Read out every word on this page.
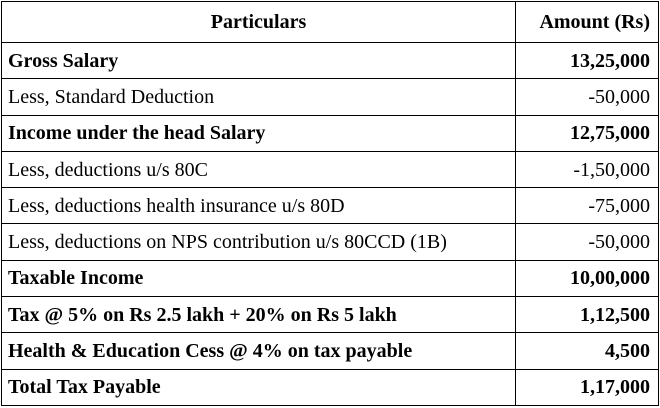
Particulars	Amount (Rs)
Gross Salary	13,25,000
Less, Standard Deduction	-50,000
Income under the head Salary	12,75,000
Less, deductions u/s 80C	-1,50,000
Less, deductions health insurance u/s 80D	-75,000
Less, deductions on NPS contribution u/s 80CCD (1B)	-50,000
Taxable Income	10,00,000
Tax @ 5% on Rs 2.5 lakh + 20% on Rs 5 lakh	1,12,500
Health & Education Cess @ 4% on tax payable	4,500
Total Tax Payable	1,17,000
